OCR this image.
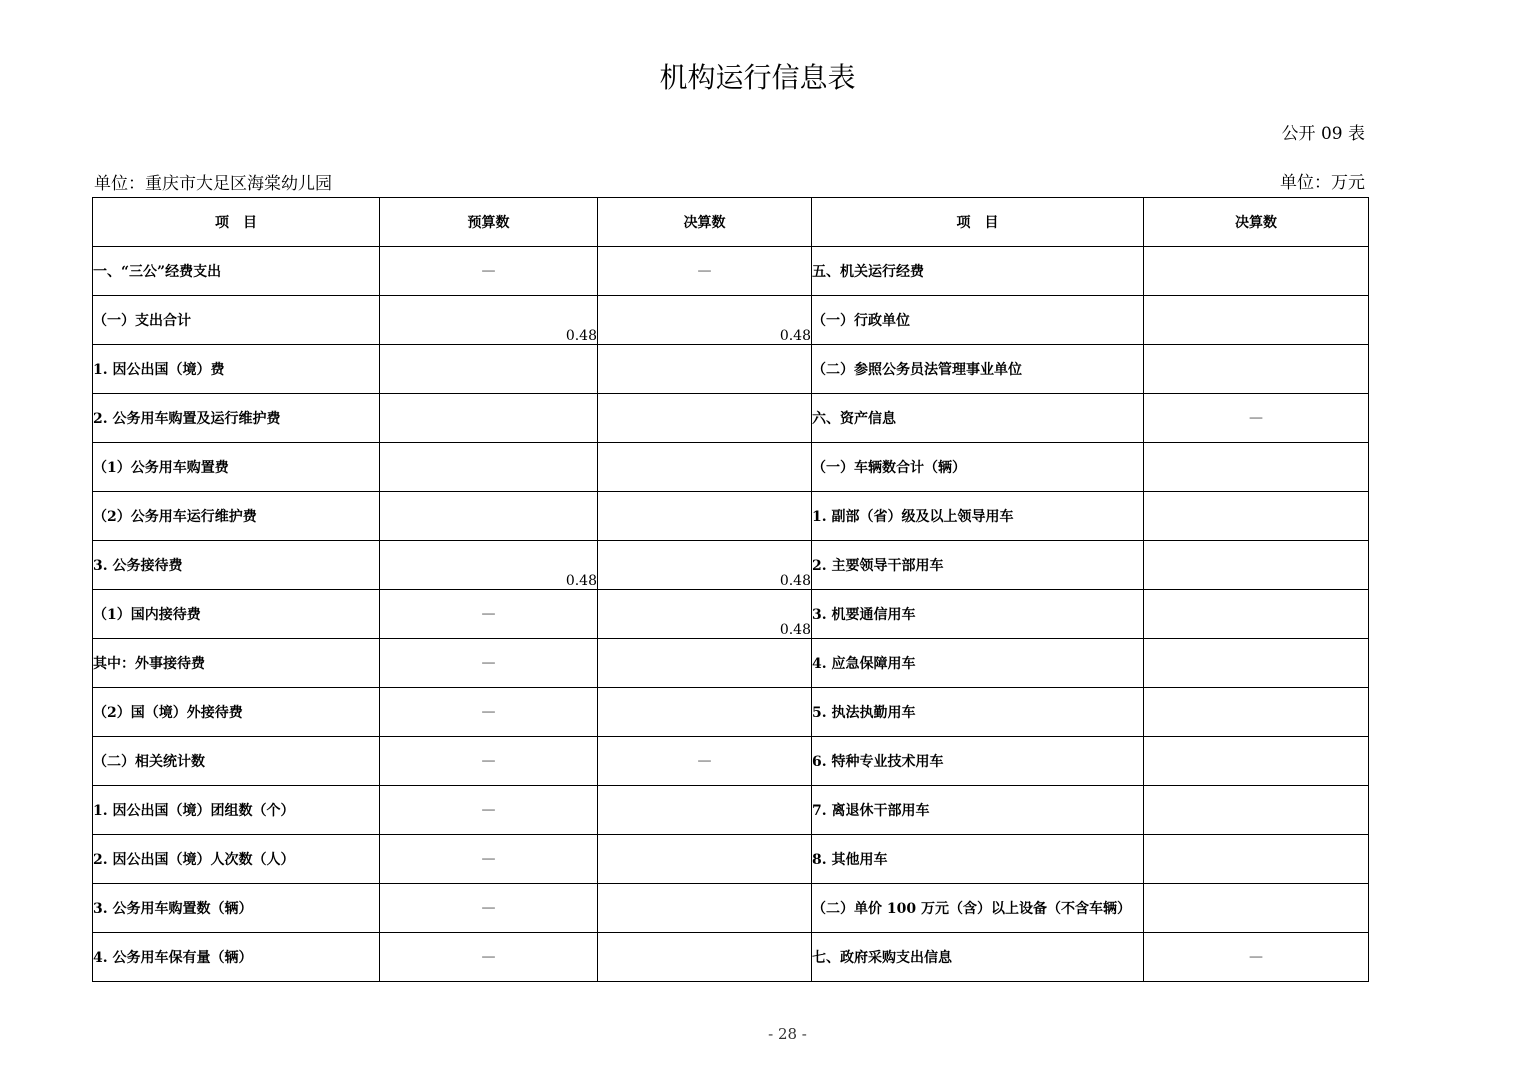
机构运行信息表
公开 09 表
单位：重庆市大足区海棠幼儿园	单位：万元
项　目	预算数	决算数	项　目	决算数
一、“三公”经费支出	—	—	五、机关运行经费	
（一）支出合计	0.48	0.48	（一）行政单位	
1. 因公出国（境）费			（二）参照公务员法管理事业单位	
2. 公务用车购置及运行维护费			六、资产信息	—
（1）公务用车购置费			（一）车辆数合计（辆）	
（2）公务用车运行维护费			1. 副部（省）级及以上领导用车	
3. 公务接待费	0.48	0.48	2. 主要领导干部用车	
（1）国内接待费	—	0.48	3. 机要通信用车	
其中：外事接待费	—		4. 应急保障用车	
（2）国（境）外接待费	—		5. 执法执勤用车	
（二）相关统计数	—	—	6. 特种专业技术用车	
1. 因公出国（境）团组数（个）	—		7. 离退休干部用车	
2. 因公出国（境）人次数（人）	—		8. 其他用车	
3. 公务用车购置数（辆）	—		（二）单价 100 万元（含）以上设备（不含车辆）	
4. 公务用车保有量（辆）	—		七、政府采购支出信息	—
- 28 -
